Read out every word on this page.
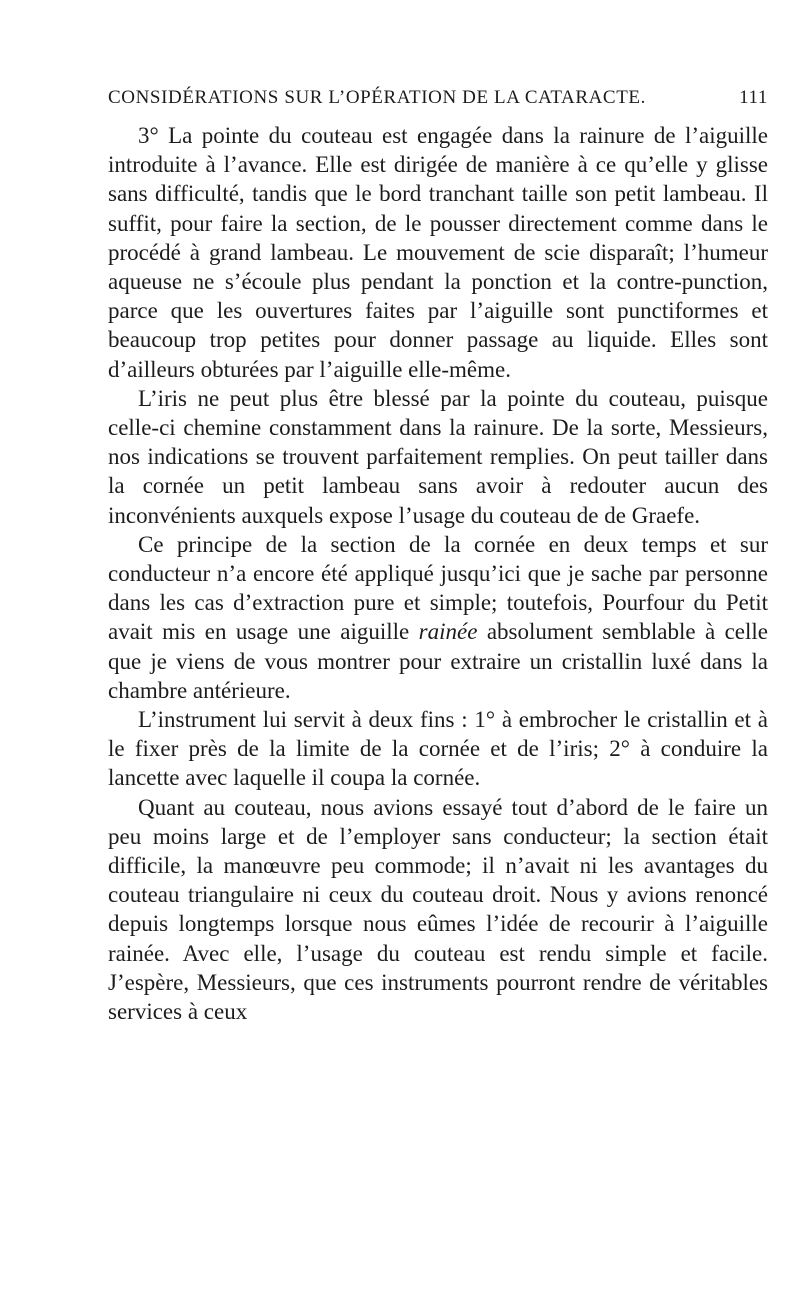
CONSIDÉRATIONS SUR L’OPÉRATION DE LA CATARACTE.	111

3° La pointe du couteau est engagée dans la rainure de l’aiguille introduite à l’avance. Elle est dirigée de manière à ce qu’elle y glisse sans difficulté, tandis que le bord tranchant taille son petit lambeau. Il suffit, pour faire la section, de le pousser directement comme dans le procédé à grand lambeau. Le mouvement de scie disparaît; l’humeur aqueuse ne s’écoule plus pendant la ponction et la contre-punction, parce que les ouvertures faites par l’aiguille sont punctiformes et beaucoup trop petites pour donner passage au liquide. Elles sont d’ailleurs obturées par l’aiguille elle-même.

L’iris ne peut plus être blessé par la pointe du couteau, puisque celle-ci chemine constamment dans la rainure. De la sorte, Messieurs, nos indications se trouvent parfaitement remplies. On peut tailler dans la cornée un petit lambeau sans avoir à redouter aucun des inconvénients auxquels expose l’usage du couteau de de Graefe.

Ce principe de la section de la cornée en deux temps et sur conducteur n’a encore été appliqué jusqu’ici que je sache par personne dans les cas d’extraction pure et simple; toutefois, Pourfour du Petit avait mis en usage une aiguille rainée absolument semblable à celle que je viens de vous montrer pour extraire un cristallin luxé dans la chambre antérieure.

L’instrument lui servit à deux fins : 1° à embrocher le cristallin et à le fixer près de la limite de la cornée et de l’iris; 2° à conduire la lancette avec laquelle il coupa la cornée.

Quant au couteau, nous avions essayé tout d’abord de le faire un peu moins large et de l’employer sans conducteur; la section était difficile, la manœuvre peu commode; il n’avait ni les avantages du couteau triangulaire ni ceux du couteau droit. Nous y avions renoncé depuis longtemps lorsque nous eûmes l’idée de recourir à l’aiguille rainée. Avec elle, l’usage du couteau est rendu simple et facile. J’espère, Messieurs, que ces instruments pourront rendre de véritables services à ceux
